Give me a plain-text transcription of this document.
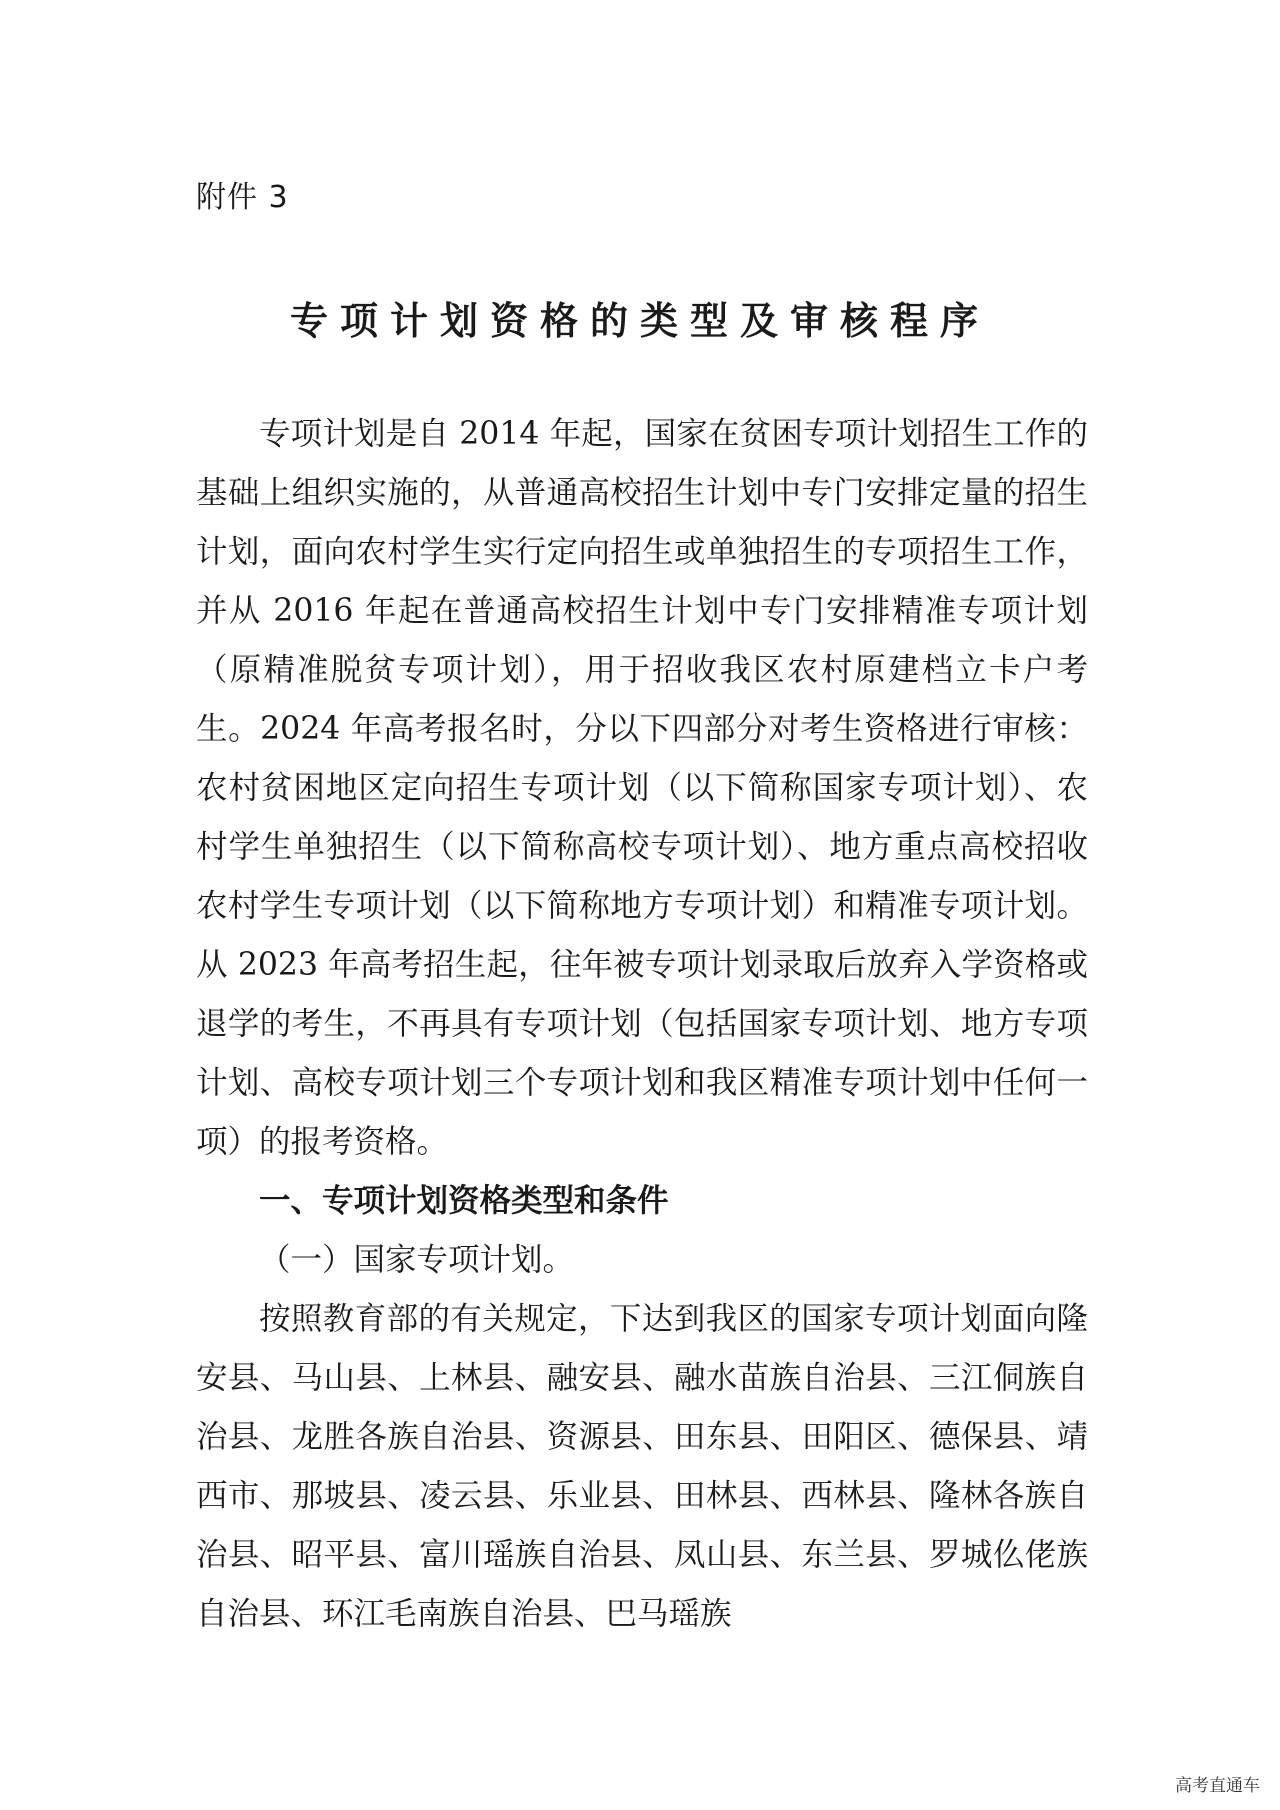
附件 3
专项计划资格的类型及审核程序

专项计划是自 2014 年起，国家在贫困专项计划招生工作的基础上组织实施的，从普通高校招生计划中专门安排定量的招生计划，面向农村学生实行定向招生或单独招生的专项招生工作，并从 2016 年起在普通高校招生计划中专门安排精准专项计划（原精准脱贫专项计划），用于招收我区农村原建档立卡户考生。2024 年高考报名时，分以下四部分对考生资格进行审核：农村贫困地区定向招生专项计划（以下简称国家专项计划）、农村学生单独招生（以下简称高校专项计划）、地方重点高校招收农村学生专项计划（以下简称地方专项计划）和精准专项计划。从 2023 年高考招生起，往年被专项计划录取后放弃入学资格或退学的考生，不再具有专项计划（包括国家专项计划、地方专项计划、高校专项计划三个专项计划和我区精准专项计划中任何一项）的报考资格。

一、专项计划资格类型和条件

（一）国家专项计划。

按照教育部的有关规定，下达到我区的国家专项计划面向隆安县、马山县、上林县、融安县、融水苗族自治县、三江侗族自治县、龙胜各族自治县、资源县、田东县、田阳区、德保县、靖西市、那坡县、凌云县、乐业县、田林县、西林县、隆林各族自治县、昭平县、富川瑶族自治县、凤山县、东兰县、罗城仫佬族自治县、环江毛南族自治县、巴马瑶族

高考直通车
